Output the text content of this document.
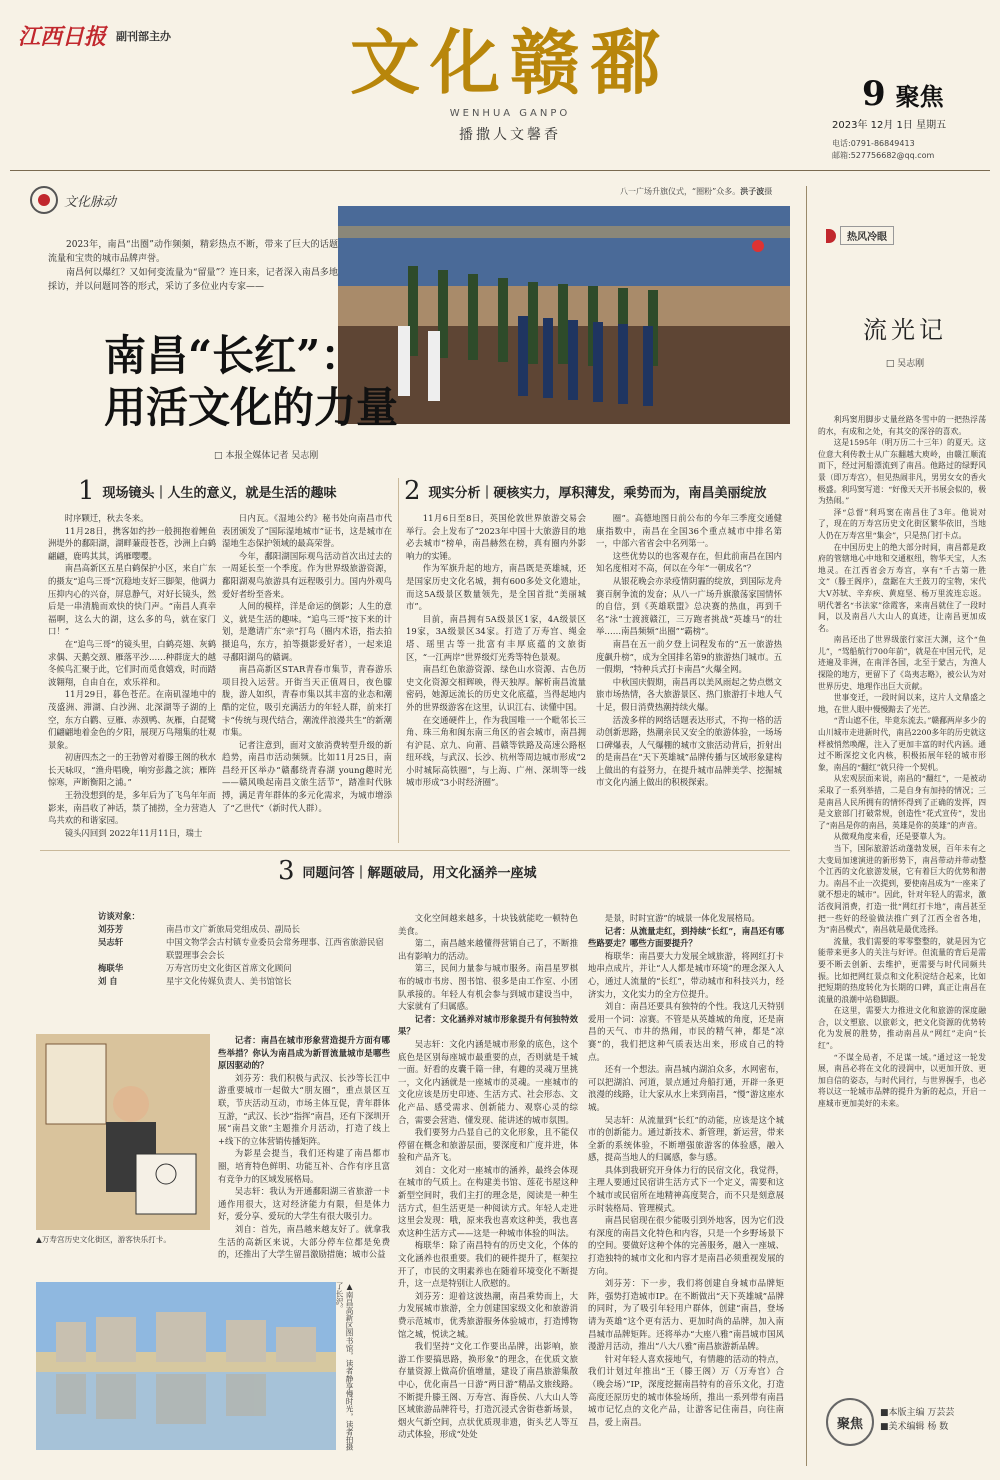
江西日报 副刊部主办	文化赣鄱
WENHUA GANPO
播撒人文馨香
9 聚焦
2023年 12月 1日 星期五
电话:0791-86849413
邮箱:527756682@qq.com
文化脉动

2023年，南昌“出圈”动作频频，精彩热点不断，带来了巨大的话题流量和宝贵的城市品牌声誉。

南昌何以爆红？又如何变流量为“留量”？连日来，记者深入南昌多地採访，并以问题同答的形式，采访了多位业内专家——

八一广场升旗仪式，“圈粉”众多。洪子波摄
南昌“长红”：
用活文化的力量
□ 本报全媒体记者 吴志刚
1 现场镜头｜人生的意义，就是生活的趣味

时序颗迁，秋去冬来。

11月28日，携客如约抄一般拥抱着鲤鱼洲堤外的鄱阳湖，湖畔蒹葭苍苍，沙洲上白鹤翩翩，鹿鸣其其，鸿雁嘤嘤。

南昌高新区五星白鹤保护小区，来自广东的摄友“追鸟三哥”沉稳地支好三脚架，他调力压抑内心的兴奋，屏息静气，对好长镜头，然后是一串清脆而欢快的快门声。“南昌人真幸福啊，这么大的湖，这么多的鸟，就在家门口！”

在“追鸟三哥”的镜头里，白鹤亮翅、灰鹤求偶、天鹅交颈、雁落平沙……种群庞大的越冬候鸟汇聚于此，它们时而觅食嬉戏，时而踏波翱翔，自由自在，欢乐祥和。

11月29日，暮色苍茫。在南矶湿地中的茂盛洲、滞湖、白沙洲、北深湖等子湖的上空，东方白鹳、豆雁、赤颈鸭、灰雁，白琵鹭们翩翩地着金色的夕阳，展现万鸟翔集的壮观景象。

初唐四杰之一的王勃曾对着滕王阁的秋水长天咏叹，“渔舟唱晚，响穷彭蠡之滨；雁阵惊寒，声断衡阳之浦。”

王勃没想到的是，多年后为了飞鸟年年而影来，南昌收了神话，禁了捕捞，全力营造人鸟共欢的和谐家园。

镜头闪回到 2022年11月11日，瑞士

日内瓦。《湿地公约》秘书处向南昌市代表团颁发了“国际湿地城市”证书，这是城市在湿地生态保护领域的最高荣誉。

今年，鄱阳湖国际观鸟活动首次出过去的一周延长至一个季度。作为世界级旅游资源，鄱阳湖观鸟旅游具有远程吸引力。国内外观鸟爱好者纷至沓来。

人间的模样，洋是命运的倒影；人生的意义，就是生活的趣味。“追鸟三哥”按下来的计划，是邀请广东“亲”打鸟（圈内术语，指去拍摄追鸟，东方，拍等摄影爱好者），一起来追寻鄱阳湖鸟的赣调。

南昌高新区STAR青春市集节，青春游乐项目投入运营。开街当天正值周日，夜色朦胧，游人如织，青春市集以其丰富的业态和潮酷的定位，吸引充满活力的年轻人群，前来打卡“传统与现代结合，潮流伴浪漫共生”的新潮市集。

记者注意到，面对文旅消费转型升级的新趋势，南昌市活动频频。比如11月25日，南昌经开区举办“赣鄱绕青春湖 young趣时光——赣风唤起南昌文旅生活节”，踏准时代脉搏，满足青年群体的多元化需求，为城市增添了“乙世代”（新时代人群）。

2 现实分析｜硬核实力，厚积薄发，乘势而为，南昌美丽绽放

11月6日至8日，英国伦敦世界旅游交易会举行。会上发布了“2023年中国十大旅游目的地必去城市”榜单，南昌赫然在榜，真有圈内外影响力的实锤。

作为军旗升起的地方，南昌既是英雄城，还是国家历史文化名城，拥有600多处文化遗址，而这5A级景区数量领先，是全国首批“美丽城市”。

目前，南昌拥有5A级景区1家，4A级景区19家，3A级景区34家。打造了万寿宫、绳金塔、瑶里古等一批富有丰厚底蕴的文旅街区，“一江两岸”世界级灯光秀等特色景观。

南昌红色旅游资源、绿色山水资源、古色历史文化资源交相辉映，得天独厚。解析南昌流量密码，她源远流长的历史文化底蕴，当得起地内外的世界级游客在这里，认识江右、读懂中国。

在交通硬件上，作为我国唯一一个毗邻长三角、珠三角和闽东南三角区的省会城市，南昌拥有沪昆、京九、向莆、昌赣等铁路及高速公路枢纽环线，与武汉、长沙、杭州等周边城市形成“2小时城际高铁圈”，与上海、广州、深圳等一线城市形成“3小时经济圈”。

圈”。高德地图日前公布的今年三季度交通健康指数中，南昌在全国36个重点城市中排名第一，中部六省省会中名列第一。

这些优势以的也客观存在，但此前南昌在国内知名度相对不高，何以在今年“一朝成名”？

从银花晚会亦录疫情阴霾的绽放，到国际龙舟赛百舸争流的发奋；从八一广场升旗激荡家国情怀的自信，到《英雄联盟》总决赛的热血，再到千名“泳”士渡渡赣江，三万跑者挑战“英雄马”的壮举……南昌频频“出圈”“霸榜”。

南昌在五一前夕登上词程发布的“五一旅游热度飙升榜”，成为全国排名第9的旅游热门城市。五一假期，“特种兵式打卡南昌”火爆全网。

中秋国庆假期，南昌再以美风雨起之势点燃文旅市场热情，各大旅游景区、热门旅游打卡地人气十足，假日消费热潮持续火爆。

活泼多样的网络话题表达形式，不拘一格的活动创新思路，热潮亲民又安全的旅游体验，一场场口碑爆表，人气爆棚的城市文旅活动背后，折射出的是南昌在“天下英雄城”品牌传播与区域形象建构上做出的有益努力，在提升城市品牌美学、挖掘城市文化内涵上做出的积极探索。

3 同题问答｜解题破局，用文化涵养一座城
访谈对象：
刘芬芳	南昌市文广新旅局党组成员、副局长
吴志轩	中国文物学会古村镇专业委员会常务理事、江西省旅游民宿联盟理事会会长
梅联华	万寿宫历史文化街区首席文化顾问
刘 自	星宇文化传媒负责人、美书馆馆长
▲万寿宫历史文化街区，游客快乐打卡。

记者：南昌在城市形象营造提升方面有哪些举措？你认为南昌成为新晋流量城市是哪些原因驱动的？

刘芬芳：我们积极与武汉、长沙等长江中游重要城市一起做大“朋友圈”，重点景区互联，节庆活动互动，市场主体互促，青年群体互游，“武汉、长沙”指挥“南昌，还有下深圳开展“南昌文旅”主题推介月活动，打造了线上+线下的立体营销传播矩阵。

为影星会提当，我们还构建了南昌都市圈，培育特色鲜明、功能互补、合作有序且富有竞争力的区域发展格局。

吴志轩：我认为开通鄱阳湖三省旅游一卡通作用很大，这对经济能力有限，但是体力好，爱分享、爱玩的大学生有很大吸引力。

刘自：首先，南昌越来越友好了。就拿我生活的高新区来说，大部分停车位都是免费的，还推出了大学生留昌激励措施；城市公益

▲南昌高新区图书馆，读者静享慢时光，读者拍摄了长沢。

文化空间越来越多，十块钱就能吃一顿特色美食。

第二，南昌越来越懂得营销自己了，不断推出有影响力的活动。

第三，民间力量参与城市服务。南昌星罗棋布的城市书房、图书馆、很多是由工作室、小团队承接的。年轻人有机会参与到城市建设当中，大家就有了归属感。

记者：文化涵养对城市形象提升有何独特效果？

吴志轩：文化内涵是城市形象的底色，这个底色是区别每座城市最重要的点，否则就是千城一面。好看的皮囊千篇一律，有趣的灵魂万里挑一，文化内涵就是一座城市的灵魂。一座城市的文化应该是历史印迹、生活方式、社会形态、文化产品、感受需求、创新能力、观察心灵的综合，需要会营造、懂发现、能讲述的城市氛围。

我们要努力凸显自己的文化形象，且不能仅停留在概念和旅游层面，要深度和广度并进，体验和产品齐飞。

刘自：文化对一座城市的涵养，最终会体现在城市的气质上。在构建美书馆、莲花书屋这种新型空间时，我们主打的理念是，阅读是一种生活方式，但生活更是一种阅读方式。年轻人走进这里会发现：哦，原来我也喜欢这种美，我也喜欢这种生活方式——这是一种城市体验的叫法。

梅联华：除了南昌特有的历史文化，个体的文化涵养也很重要。我们的硬件提升了，框架拉开了，市民的文明素养也在随着环境变化不断提升，这一点是特别让人欣慰的。

刘芬芳：迎着这波热潮，南昌乘势而上，大力发展城市旅游，全力创建国家级文化和旅游消费示范城市，优秀旅游服务体验城市，打造博物馆之城，悦读之城。

我们坚持“文化工作要出品牌，出影响，旅游工作要搞思路，换形象”的理念，在优质文旅存量资源上做高价值增量，建设了南昌旅游集散中心，优化南昌一日游“两日游”精品文旅线路。不断提升滕王阁、万寿宫、海昏侯、八大山人等区域旅游品牌符号，打造沉浸式舍街巷新场景，烟火气新空间，点状优质现非遗，街头艺人等互动式体验，形成“处处

是景，时时宜游”的城景一体化发展格局。

记者：从流量走红，到持续“长红”，南昌还有哪些路要走？哪些方面要提升？

梅联华：南昌要大力发展全域旅游，将网红打卡地串点成片，并让“人人都是城市环境”的理念深入人心，通过人流量的“长红”，带动城市和科技兴力，经济实力，文化实力的全方位提升。

刘自：南昌还要具有独特的个性。我这几天特别爱用一个词：凉赛。不管是从英雄城的角度，还是南昌的天气、市井的热闹，市民的精气神，都是“凉赛”的，我们把这种气质表达出来，形成自己的特点。

还有一个想法。南昌城内湖泊众多，水网密布，可以把湖泊、河道，景点通过舟船打通，开辟一条更浪漫的线路，让大家从水上来到南昌，“慢”游这座水城。

吴志轩：从流量到“长红”的动能，应该是这个城市的创新能力。通过新技术、新管理，新运营，带来全新的系统体验，不断增强旅游客的体验感，融入感，提高当地人的归属感，参与感。

具体到我研究开身体力行的民宿文化，我觉得，主理人要通过民宿讲生活方式下一个定义，需要和这个城市或民宿所在地精神高度契合，而不只是刻意展示时装格局、管理模式。

南昌民宿现在很少能吸引到外地客，因为它们没有深度的南昌文化特色和内容，只是一个乡野场景下的空间。要做好这种个体的完善服务，融入一座城、打造独特的城市文化和内容才是南昌必须重视发展的方向。

刘芬芳：下一步，我们将创建自身城市品牌矩阵，强势打造城市IP。在不断做出“天下英雄城”品牌的同时，为了吸引年轻用户群体，创建“南昌，登场请为英雄”这个更有活力、更加时尚的品牌，加入南昌城市品牌矩阵。还将举办“大座八雅”南昌城市国风漫游月活动，推出“八大八雅”南昌旅游新品牌。

针对年轻人喜欢接地气，有情趣的活动的特点，我们计划过年推出“王（滕王阁）万（万寿宫）合（晚会场）”IP，深度挖掘南昌特有的音乐文化，打造高度还原历史的城市体验场所，推出一系列带有南昌城市记忆点的文化产品，让游客记住南昌，向往南昌，爱上南昌。

热风冷眼
流光记
□ 吴志刚

利玛窦用脚步丈量丝路冬雪中的一把热浮荡的水，有成和之处，有其交的深谷的喜欢。

这是1595年（明万历二十三年）的夏天。这位意大利传教士从广东翻越大庾岭，由赣江顺流而下，经过河船漂流到了南昌。他路过的绿野风景（即万寿宫），但见热闹非凡，男男女女的香火极盛。利玛窦写道：“好像天天开书展会似的，极为热闹。”

泽“总督”利玛窦在南昌住了3年。他说对了，现在的万寿宫历史文化街区繁华依旧，当地人仍在万寿宫里“集会”，只是热门打卡点。

在中国历史上的绝大部分时间，南昌都是政府的管辖地心中地和交通枢纽，物华天宝，人杰地灵。在江西省会万寿宫，享有“千古第一胜文”（滕王阁序），盘踞在大王鼓刀的宝物，宋代大V苏轼、辛弃疾、黄庭坚、杨万里流连忘返。明代著名“书法家”徐霞客，来南昌就住了一段时间，以及南昌八大山人的真迹，让南昌更加成名。

南昌还出了世界级旅行家汪大渊，这个“鱼儿”，“驾船航行700年前”，就是在中国元代，足迹遍及非洲，在南洋各国，北至于蒙古，为渔人探险的地方，更留下了《岛夷志略》，被公认为对世界历史、地理作出巨大贡献。

世事变迁，一段时间以来，这片人文鼎盛之地，在世人眼中慢慢黯去了光芒。

“青山遮不住，毕竟东流去。”赣鄱两岸多少的山川城市走进新时代，南昌2200多年的历史就这样被悄然唤醒，注入了更加丰富的时代内涵。通过不断深挖文化内核，积极拓展年轻的城市形象，南昌的“翻红”就只待一个契机。

从宏观层面来说，南昌的“翻红”，一是被动采取了一系列举措，二是自身有加持的情况；三是南昌人民所拥有的情怀得到了正确的发挥，四是文旅部门打破常规，创造性“花式宣传”，发出了“南昌是你的南昌，英雄是你的英雄”的声音。

从微观角度来看，还是要靠人为。

当下，国际旅游活动蓬勃发展，百年未有之大变局加速演进的新形势下，南昌带动并带动整个江西的文化旅游发展，它有着巨大的优势和潜力。南昌不止一次提到，要使南昌成为“一座来了就不想走的城市”。因此，针对年轻人的需求，激活夜间消费，打造一批“网红打卡地”，南昌甚至把一些好的经验做法推广到了江西全省各地，为“南昌模式”，南昌就是最优选择。

流量，我们需要的零零整整的，就是因为它能带来更多人的关注与好评。但流量的背后是需要不断去创新、去维护，更需要与时代同频共振。比如把网红景点和文化积淀结合起来，比如把短期的热度转化为长期的口碑，真正让南昌在流量的浪潮中站稳脚跟。

在这里，需要大力推进文化和旅游的深度融合，以文塑旅、以旅彰文，把文化资源的优势转化为发展的胜势，推动南昌从“网红”走向“长红”。

“不谋全局者，不足谋一域。”通过这一轮发展，南昌必将在文化的浸润中，以更加开放、更加自信的姿态，与时代同行，与世界握手，也必将以这一轮城市品牌的提升为新的起点，开启一座城市更加美好的未来。

聚焦
■本版主编 万芸芸
■美术编辑 杨 数
